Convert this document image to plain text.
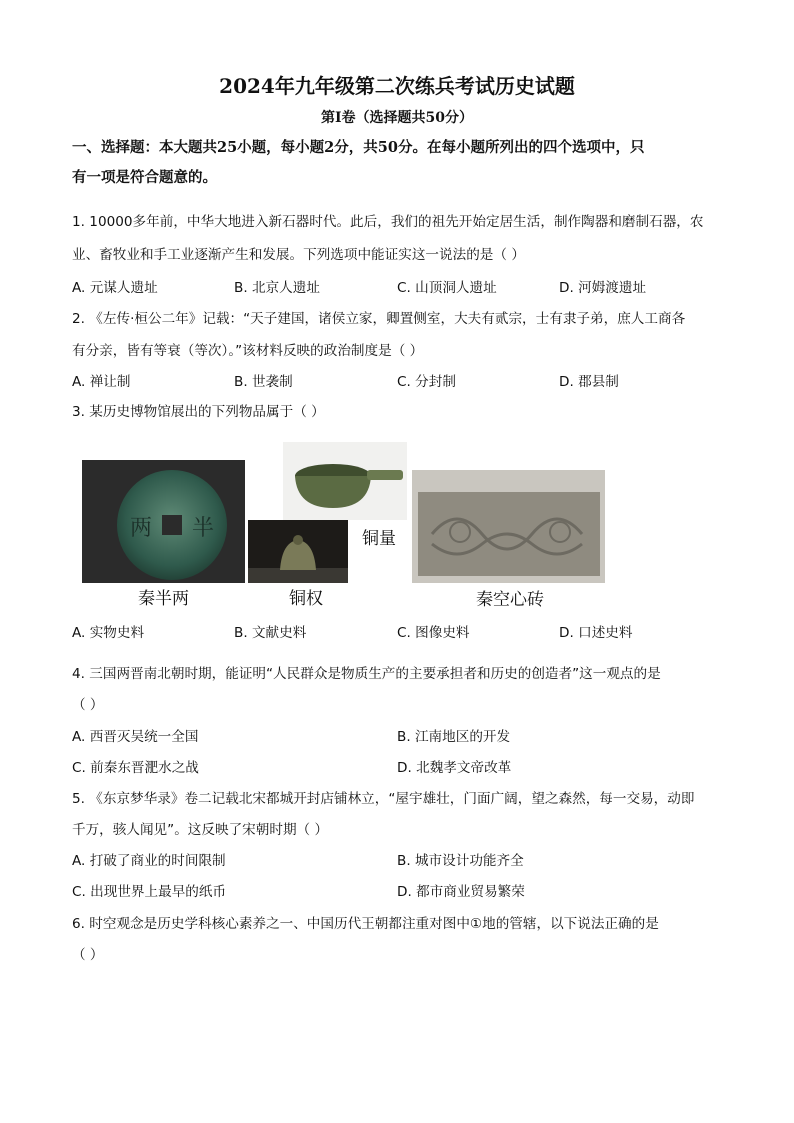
2024年九年级第二次练兵考试历史试题
第Ⅰ卷（选择题共50分）
一、选择题：本大题共25小题，每小题2分，共50分。在每小题所列出的四个选项中，只
有一项是符合题意的。
1. 10000多年前，中华大地进入新石器时代。此后，我们的祖先开始定居生活，制作陶器和磨制石器，农
业、畜牧业和手工业逐渐产生和发展。下列选项中能证实这一说法的是（ ）
A. 元谋人遗址	B. 北京人遗址	C. 山顶洞人遗址	D. 河姆渡遗址
2. 《左传·桓公二年》记载：“天子建国，诸侯立家，卿置侧室，大夫有贰宗，士有隶子弟，庶人工商各
有分亲，皆有等衰（等次）。”该材料反映的政治制度是（ ）
A. 禅让制	B. 世袭制	C. 分封制	D. 郡县制
3. 某历史博物馆展出的下列物品属于（ ）
两 半
秦半两
铜量
铜权	秦空心砖
A. 实物史料	B. 文献史料	C. 图像史料	D. 口述史料
4. 三国两晋南北朝时期，能证明“人民群众是物质生产的主要承担者和历史的创造者”这一观点的是
（ ）
A. 西晋灭吴统一全国	B. 江南地区的开发
C. 前秦东晋淝水之战	D. 北魏孝文帝改革
5. 《东京梦华录》卷二记载北宋都城开封店铺林立，“屋宇雄壮，门面广阔，望之森然，每一交易，动即
千万，骇人闻见”。这反映了宋朝时期（ ）
A. 打破了商业的时间限制	B. 城市设计功能齐全
C. 出现世界上最早的纸币	D. 都市商业贸易繁荣
6. 时空观念是历史学科核心素养之一、中国历代王朝都注重对图中①地的管辖，以下说法正确的是
（ ）
